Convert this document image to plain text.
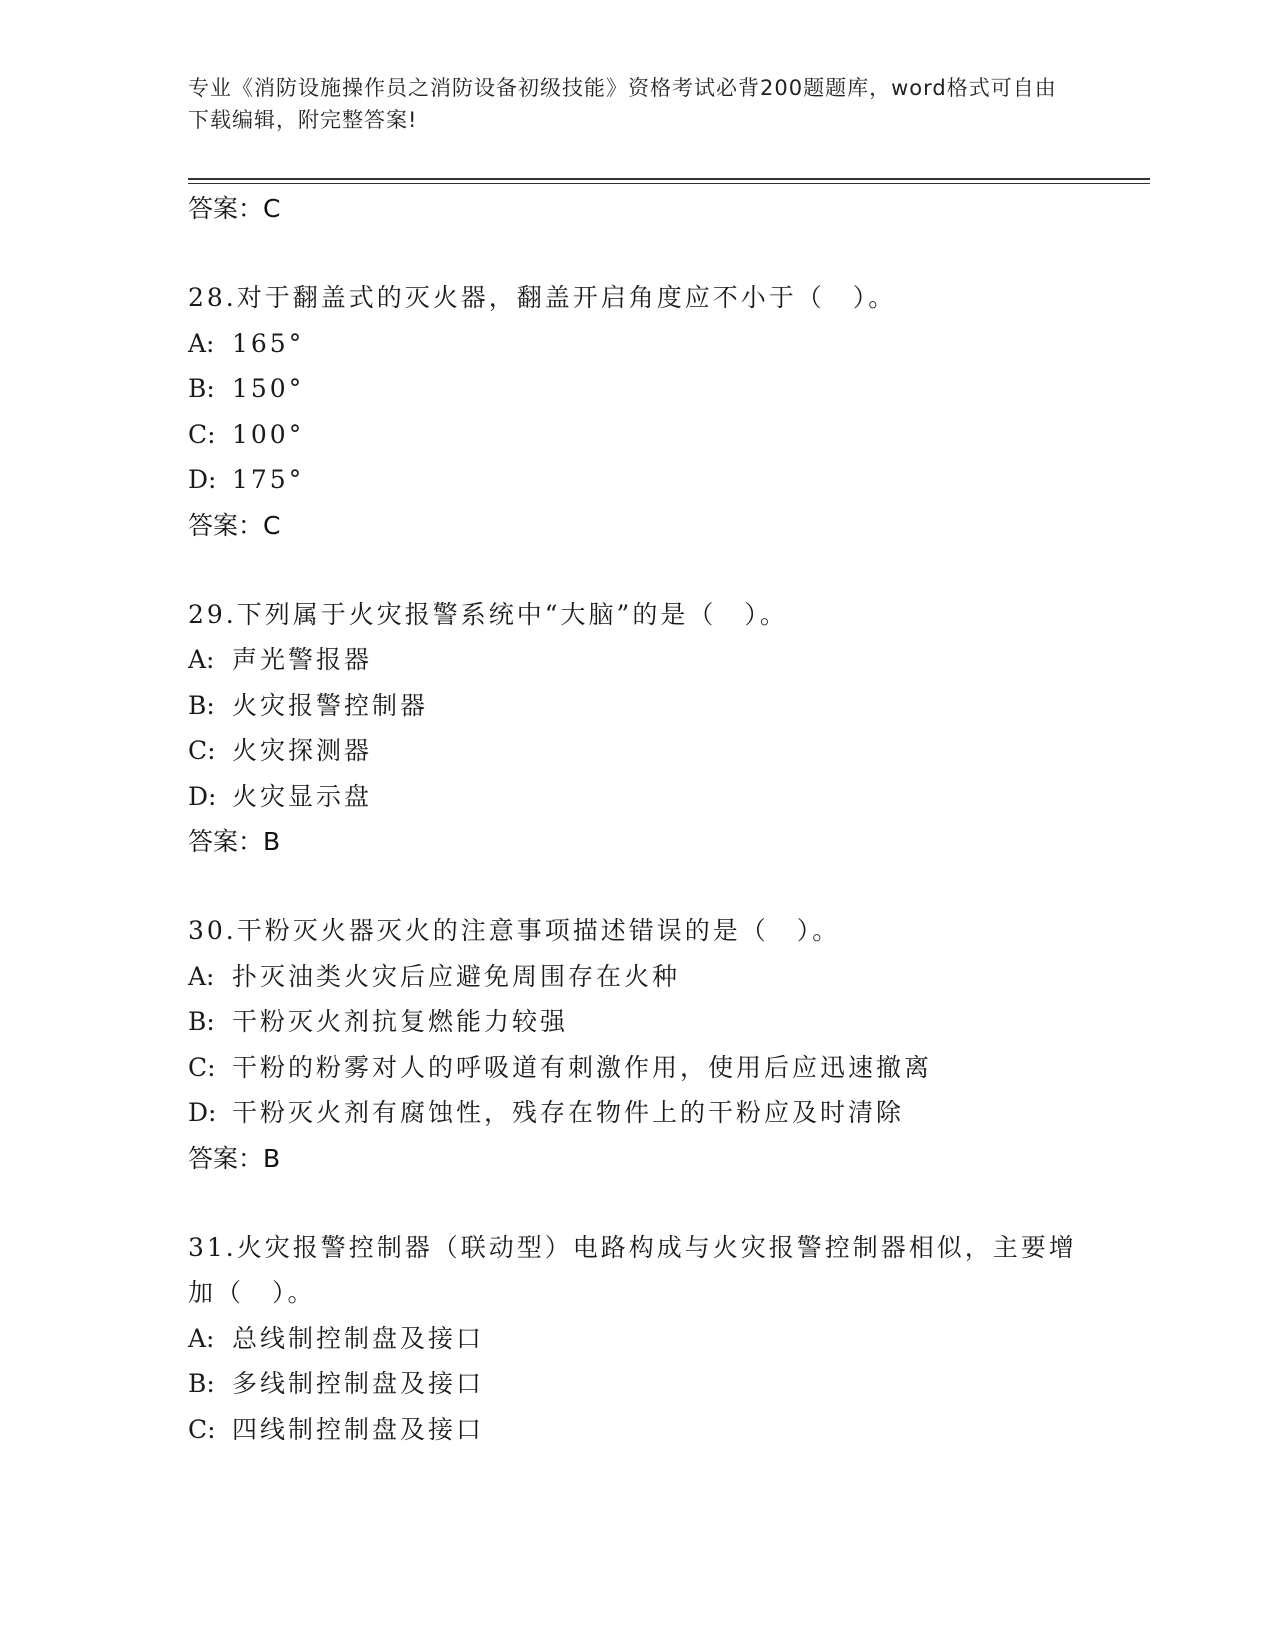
专业《消防设施操作员之消防设备初级技能》资格考试必背200题题库，word格式可自由下载编辑，附完整答案!
答案：C
28.对于翻盖式的灭火器，翻盖开启角度应不小于（　）。
A: 165°
B: 150°
C: 100°
D: 175°
答案：C
29.下列属于火灾报警系统中“大脑”的是（　）。
A: 声光警报器
B: 火灾报警控制器
C: 火灾探测器
D: 火灾显示盘
答案：B
30.干粉灭火器灭火的注意事项描述错误的是（　）。
A: 扑灭油类火灾后应避免周围存在火种
B: 干粉灭火剂抗复燃能力较强
C: 干粉的粉雾对人的呼吸道有刺激作用，使用后应迅速撤离
D: 干粉灭火剂有腐蚀性，残存在物件上的干粉应及时清除
答案：B
31.火灾报警控制器（联动型）电路构成与火灾报警控制器相似，主要增加（　）。
A: 总线制控制盘及接口
B: 多线制控制盘及接口
C: 四线制控制盘及接口
